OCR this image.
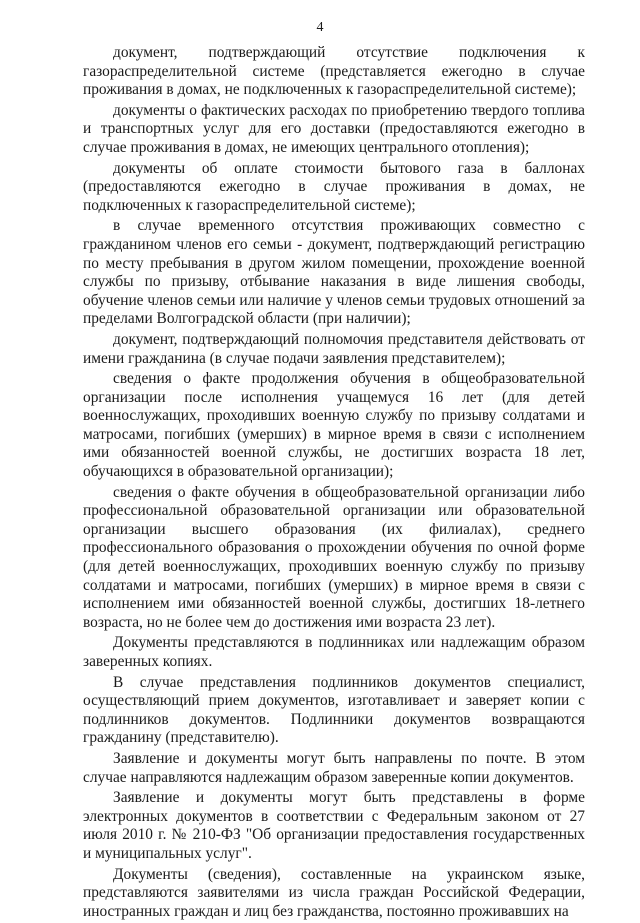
4

документ, подтверждающий отсутствие подключения к газораспределительной системе (представляется ежегодно в случае проживания в домах, не подключенных к газораспределительной системе);

документы о фактических расходах по приобретению твердого топлива и транспортных услуг для его доставки (предоставляются ежегодно в случае проживания в домах, не имеющих центрального отопления);

документы об оплате стоимости бытового газа в баллонах (предоставляются ежегодно в случае проживания в домах, не подключенных к газораспределительной системе);

в случае временного отсутствия проживающих совместно с гражданином членов его семьи - документ, подтверждающий регистрацию по месту пребывания в другом жилом помещении, прохождение военной службы по призыву, отбывание наказания в виде лишения свободы, обучение членов семьи или наличие у членов семьи трудовых отношений за пределами Волгоградской области (при наличии);

документ, подтверждающий полномочия представителя действовать от имени гражданина (в случае подачи заявления представителем);

сведения о факте продолжения обучения в общеобразовательной организации после исполнения учащемуся 16 лет (для детей военнослужащих, проходивших военную службу по призыву солдатами и матросами, погибших (умерших) в мирное время в связи с исполнением ими обязанностей военной службы, не достигших возраста 18 лет, обучающихся в образовательной организации);

сведения о факте обучения в общеобразовательной организации либо профессиональной образовательной организации или образовательной организации высшего образования (их филиалах), среднего профессионального образования о прохождении обучения по очной форме (для детей военнослужащих, проходивших военную службу по призыву солдатами и матросами, погибших (умерших) в мирное время в связи с исполнением ими обязанностей военной службы, достигших 18-летнего возраста, но не более чем до достижения ими возраста 23 лет).

Документы представляются в подлинниках или надлежащим образом заверенных копиях.

В случае представления подлинников документов специалист, осуществляющий прием документов, изготавливает и заверяет копии с подлинников документов. Подлинники документов возвращаются гражданину (представителю).

Заявление и документы могут быть направлены по почте. В этом случае направляются надлежащим образом заверенные копии документов.

Заявление и документы могут быть представлены в форме электронных документов в соответствии с Федеральным законом от 27 июля 2010 г. № 210-ФЗ "Об организации предоставления государственных и муниципальных услуг".

Документы (сведения), составленные на украинском языке, представляются заявителями из числа граждан Российской Федерации, иностранных граждан и лиц без гражданства, постоянно проживавших на
